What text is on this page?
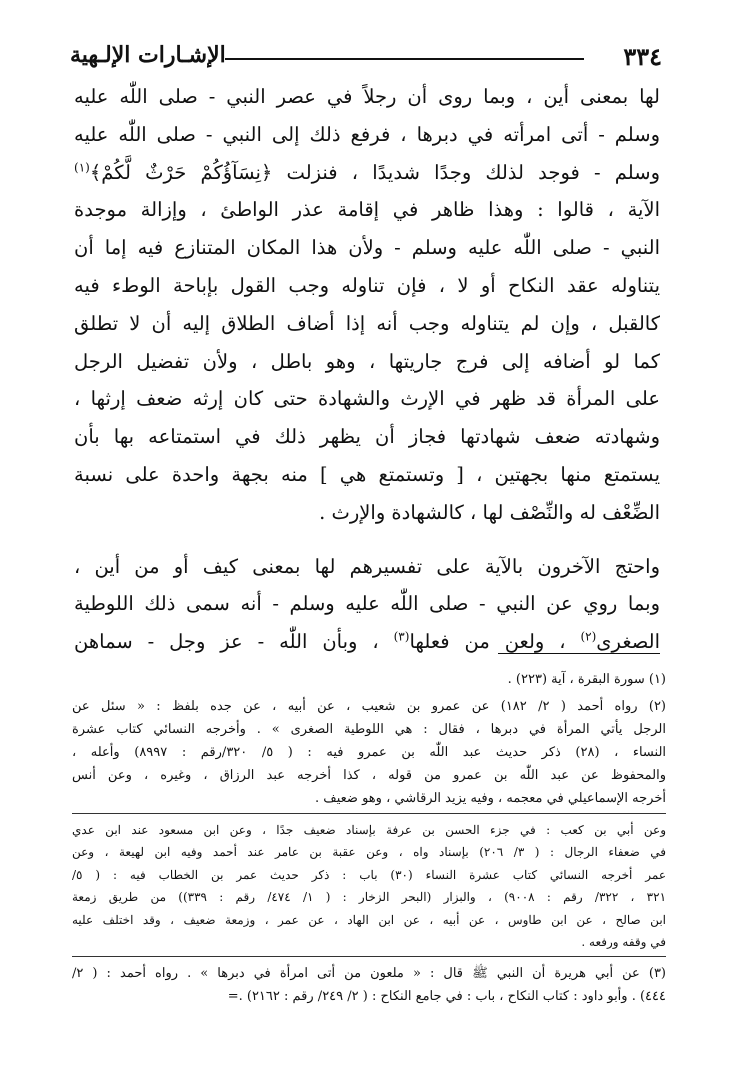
٣٣٤
الإشـارات الإلـهية
لها بمعنى أين ، وبما روى أن رجلاً في عصر النبي - صلى اللّٰه عليه
وسلم - أتى امرأته في دبرها ، فرفع ذلك إلى النبي - صلى اللّٰه عليه
وسلم - فوجد لذلك وجدًا شديدًا ، فنزلت ﴿نِسَآؤُكُمْ حَرْثٌ لَّكُمْ﴾$^{(١)}$
الآية ، قالوا : وهذا ظاهر في إقامة عذر الواطئ ، وإزالة موجدة
النبي - صلى اللّٰه عليه وسلم - ولأن هذا المكان المتنازع فيه إما أن
يتناوله عقد النكاح أو لا ، فإن تناوله وجب القول بإباحة الوطء فيه
كالقبل ، وإن لم يتناوله وجب أنه إذا أضاف الطلاق إليه أن لا تطلق
كما لو أضافه إلى فرج جاريتها ، وهو باطل ، ولأن تفضيل الرجل
على المرأة قد ظهر في الإرث والشهادة حتى كان إرثه ضعف إرثها ،
وشهادته ضعف شهادتها فجاز أن يظهر ذلك في استمتاعه بها بأن
يستمتع منها بجهتين ، [ وتستمتع هي ] منه بجهة واحدة على نسبة
الضِّعْف له والنِّصْف لها ، كالشهادة والإرث .
واحتج الآخرون بالآية على تفسيرهم لها بمعنى كيف أو من أين ،
وبما روي عن النبي - صلى اللّٰه عليه وسلم - أنه سمى ذلك اللوطية
الصغرى$^{(٢)}$ ، ولعن من فعلها$^{(٣)}$ ، وبأن اللّٰه - عز وجل - سماهن
(١) سورة البقرة ، آية (٢٢٣) .
(٢) رواه أحمد ( ٢/ ١٨٢) عن عمرو بن شعيب ، عن أبيه ، عن جده بلفظ : « سئل عن
الرجل يأتي المرأة في دبرها ، فقال : هي اللوطية الصغرى » . وأخرجه النسائي كتاب عشرة
النساء ، (٢٨) ذكر حديث عبد اللّٰه بن عمرو فيه : ( ٥/ ٣٢٠/رقم : ٨٩٩٧) وأعله ،
والمحفوظ عن عبد اللّٰه بن عمرو من قوله ، كذا أخرجه عبد الرزاق ، وغيره ، وعن أنس
أخرجه الإسماعيلي في معجمه ، وفيه يزيد الرقاشي ، وهو ضعيف .
وعن أبي بن كعب : في جزء الحسن بن عرفة بإسناد ضعيف جدًا ، وعن ابن مسعود عند ابن عدي
في ضعفاء الرجال : ( ٣/ ٢٠٦) بإسناد واه ، وعن عقبة بن عامر عند أحمد وفيه ابن لهيعة ، وعن
عمر أخرجه النسائي كتاب عشرة النساء (٣٠) باب : ذكر حديث عمر بن الخطاب فيه : ( ٥/
٣٢١ ، ٣٢٢/ رقم : ٩٠٠٨) ، والبزار (البحر الزخار : ( ١/ ٤٧٤/ رقم : ٣٣٩)) من طريق زمعة
ابن صالح ، عن ابن طاوس ، عن أبيه ، عن ابن الهاد ، عن عمر ، وزمعة ضعيف ، وقد اختلف عليه
في وقفه ورفعه .
(٣) عن أبي هريرة أن النبي ﷺ قال : « ملعون من أتى امرأة في دبرها » . رواه أحمد : ( ٢/
٤٤٤) . وأبو داود : كتاب النكاح ، باب : في جامع النكاح : ( ٢/ ٢٤٩/ رقم : ٢١٦٢) .=
